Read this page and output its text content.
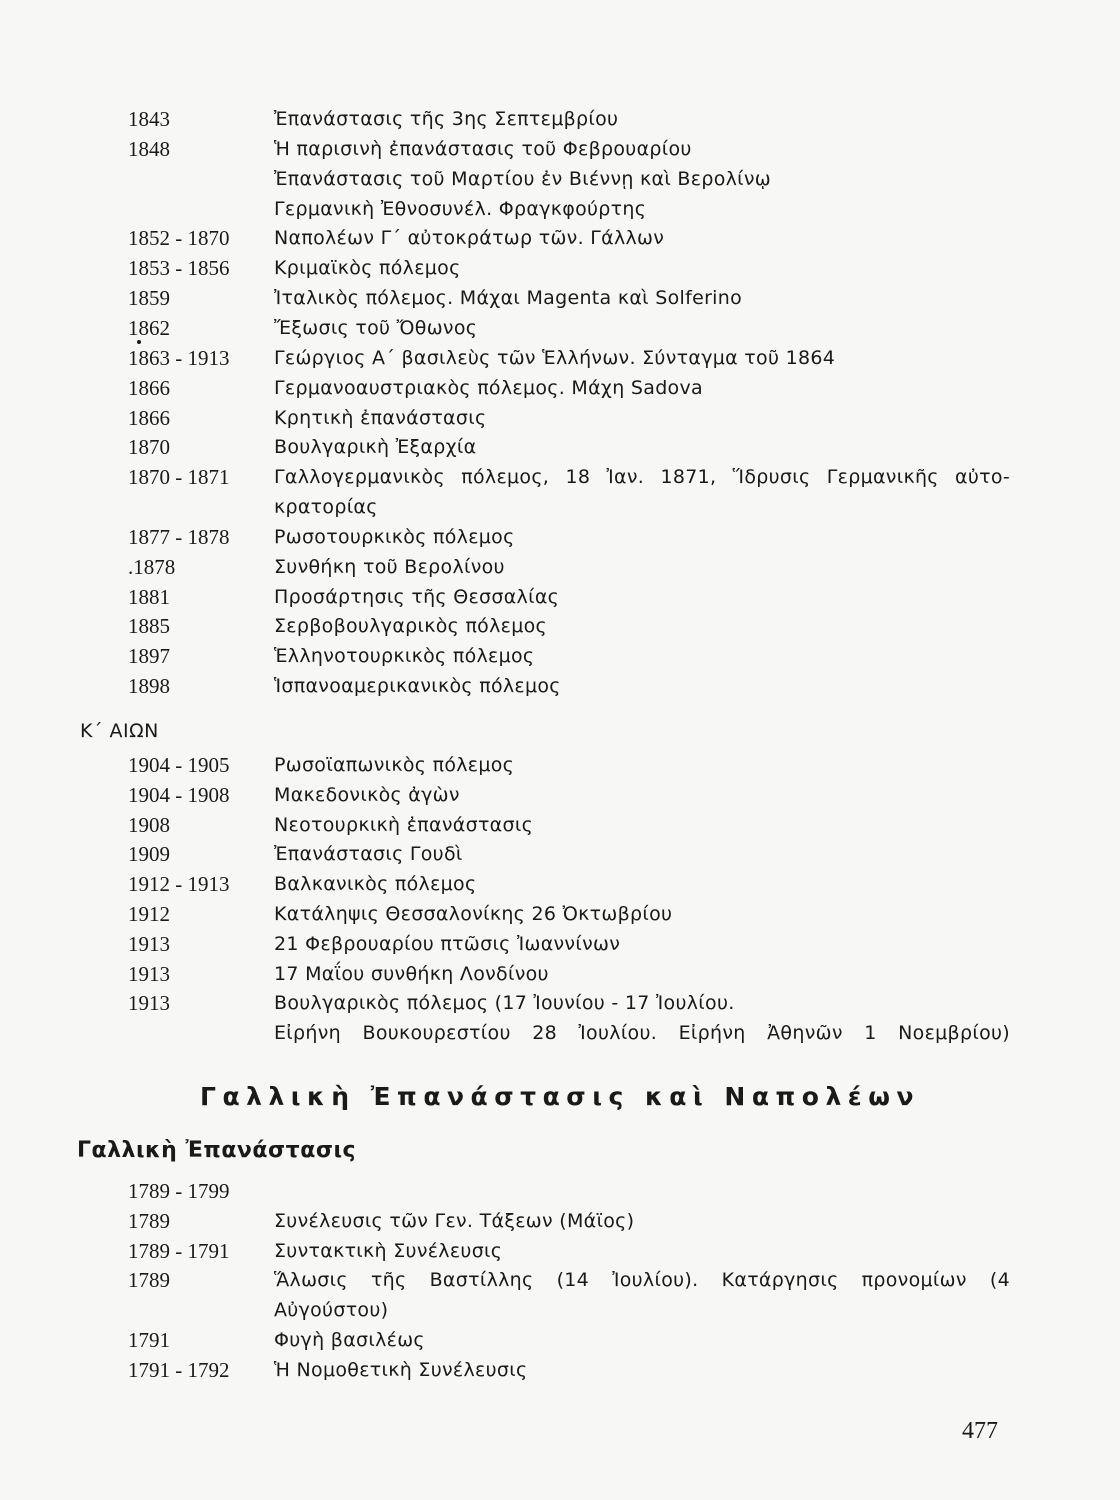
1843	Ἐπανάστασις τῆς 3ης Σεπτεμβρίου
1848	Ἡ παρισινὴ ἐπανάστασις τοῦ Φεβρουαρίου
Ἐπανάστασις τοῦ Μαρτίου ἐν Βιέννῃ καὶ Βερολίνῳ
Γερμανικὴ Ἐθνοσυνέλ. Φραγκφούρτης
1852 - 1870 Ναπολέων Γ΄ αὐτοκράτωρ τῶν. Γάλλων
1853 - 1856 Κριμαϊκὸς πόλεμος
1859	Ἰταλικὸς πόλεμος. Μάχαι Magenta καὶ Solferino
1862	Ἔξωσις τοῦ Ὄθωνος
1863 - 1913 Γεώργιος Α΄ βασιλεὺς τῶν Ἑλλήνων. Σύνταγμα τοῦ 1864
1866	Γερμανοαυστριακὸς πόλεμος. Μάχη Sadova
1866	Κρητικὴ ἐπανάστασις
1870	Βουλγαρικὴ Ἐξαρχία
1870 - 1871 Γαλλογερμανικὸς πόλεμος, 18 Ἰαν. 1871, Ἵδρυσις Γερμανικῆς αὐτο-
κρατορίας
1877 - 1878 Ρωσοτουρκικὸς πόλεμος
.1878	Συνθήκη τοῦ Βερολίνου
1881	Προσάρτησις τῆς Θεσσαλίας
1885	Σερβοβουλγαρικὸς πόλεμος
1897	Ἑλληνοτουρκικὸς πόλεμος
1898	Ἱσπανοαμερικανικὸς πόλεμος
Κ΄ ΑΙΩΝ
1904 - 1905 Ρωσοϊαπωνικὸς πόλεμος
1904 - 1908 Μακεδονικὸς ἀγὼν
1908	Νεοτουρκικὴ ἐπανάστασις
1909	Ἐπανάστασις Γουδὶ
1912 - 1913 Βαλκανικὸς πόλεμος
1912	Κατάληψις Θεσσαλονίκης 26 Ὀκτωβρίου
1913	21 Φεβρουαρίου πτῶσις Ἰωαννίνων
1913	17 Μαΐου συνθήκη Λονδίνου
1913	Βουλγαρικὸς πόλεμος (17 Ἰουνίου - 17 Ἰουλίου.
Εἰρήνη Βουκουρεστίου 28 Ἰουλίου. Εἰρήνη Ἀθηνῶν 1 Νοεμβρίου)
Γαλλικὴ Ἐπανάστασις καὶ Ναπολέων
Γαλλικὴ Ἐπανάστασις
1789 - 1799
1789	Συνέλευσις τῶν Γεν. Τάξεων (Μάϊος)
1789 - 1791 Συντακτικὴ Συνέλευσις
1789	Ἅλωσις τῆς Βαστίλλης (14 Ἰουλίου). Κατάργησις προνομίων (4
Αὐγούστου)
1791	Φυγὴ βασιλέως
1791 - 1792 Ἡ Νομοθετικὴ Συνέλευσις
477
